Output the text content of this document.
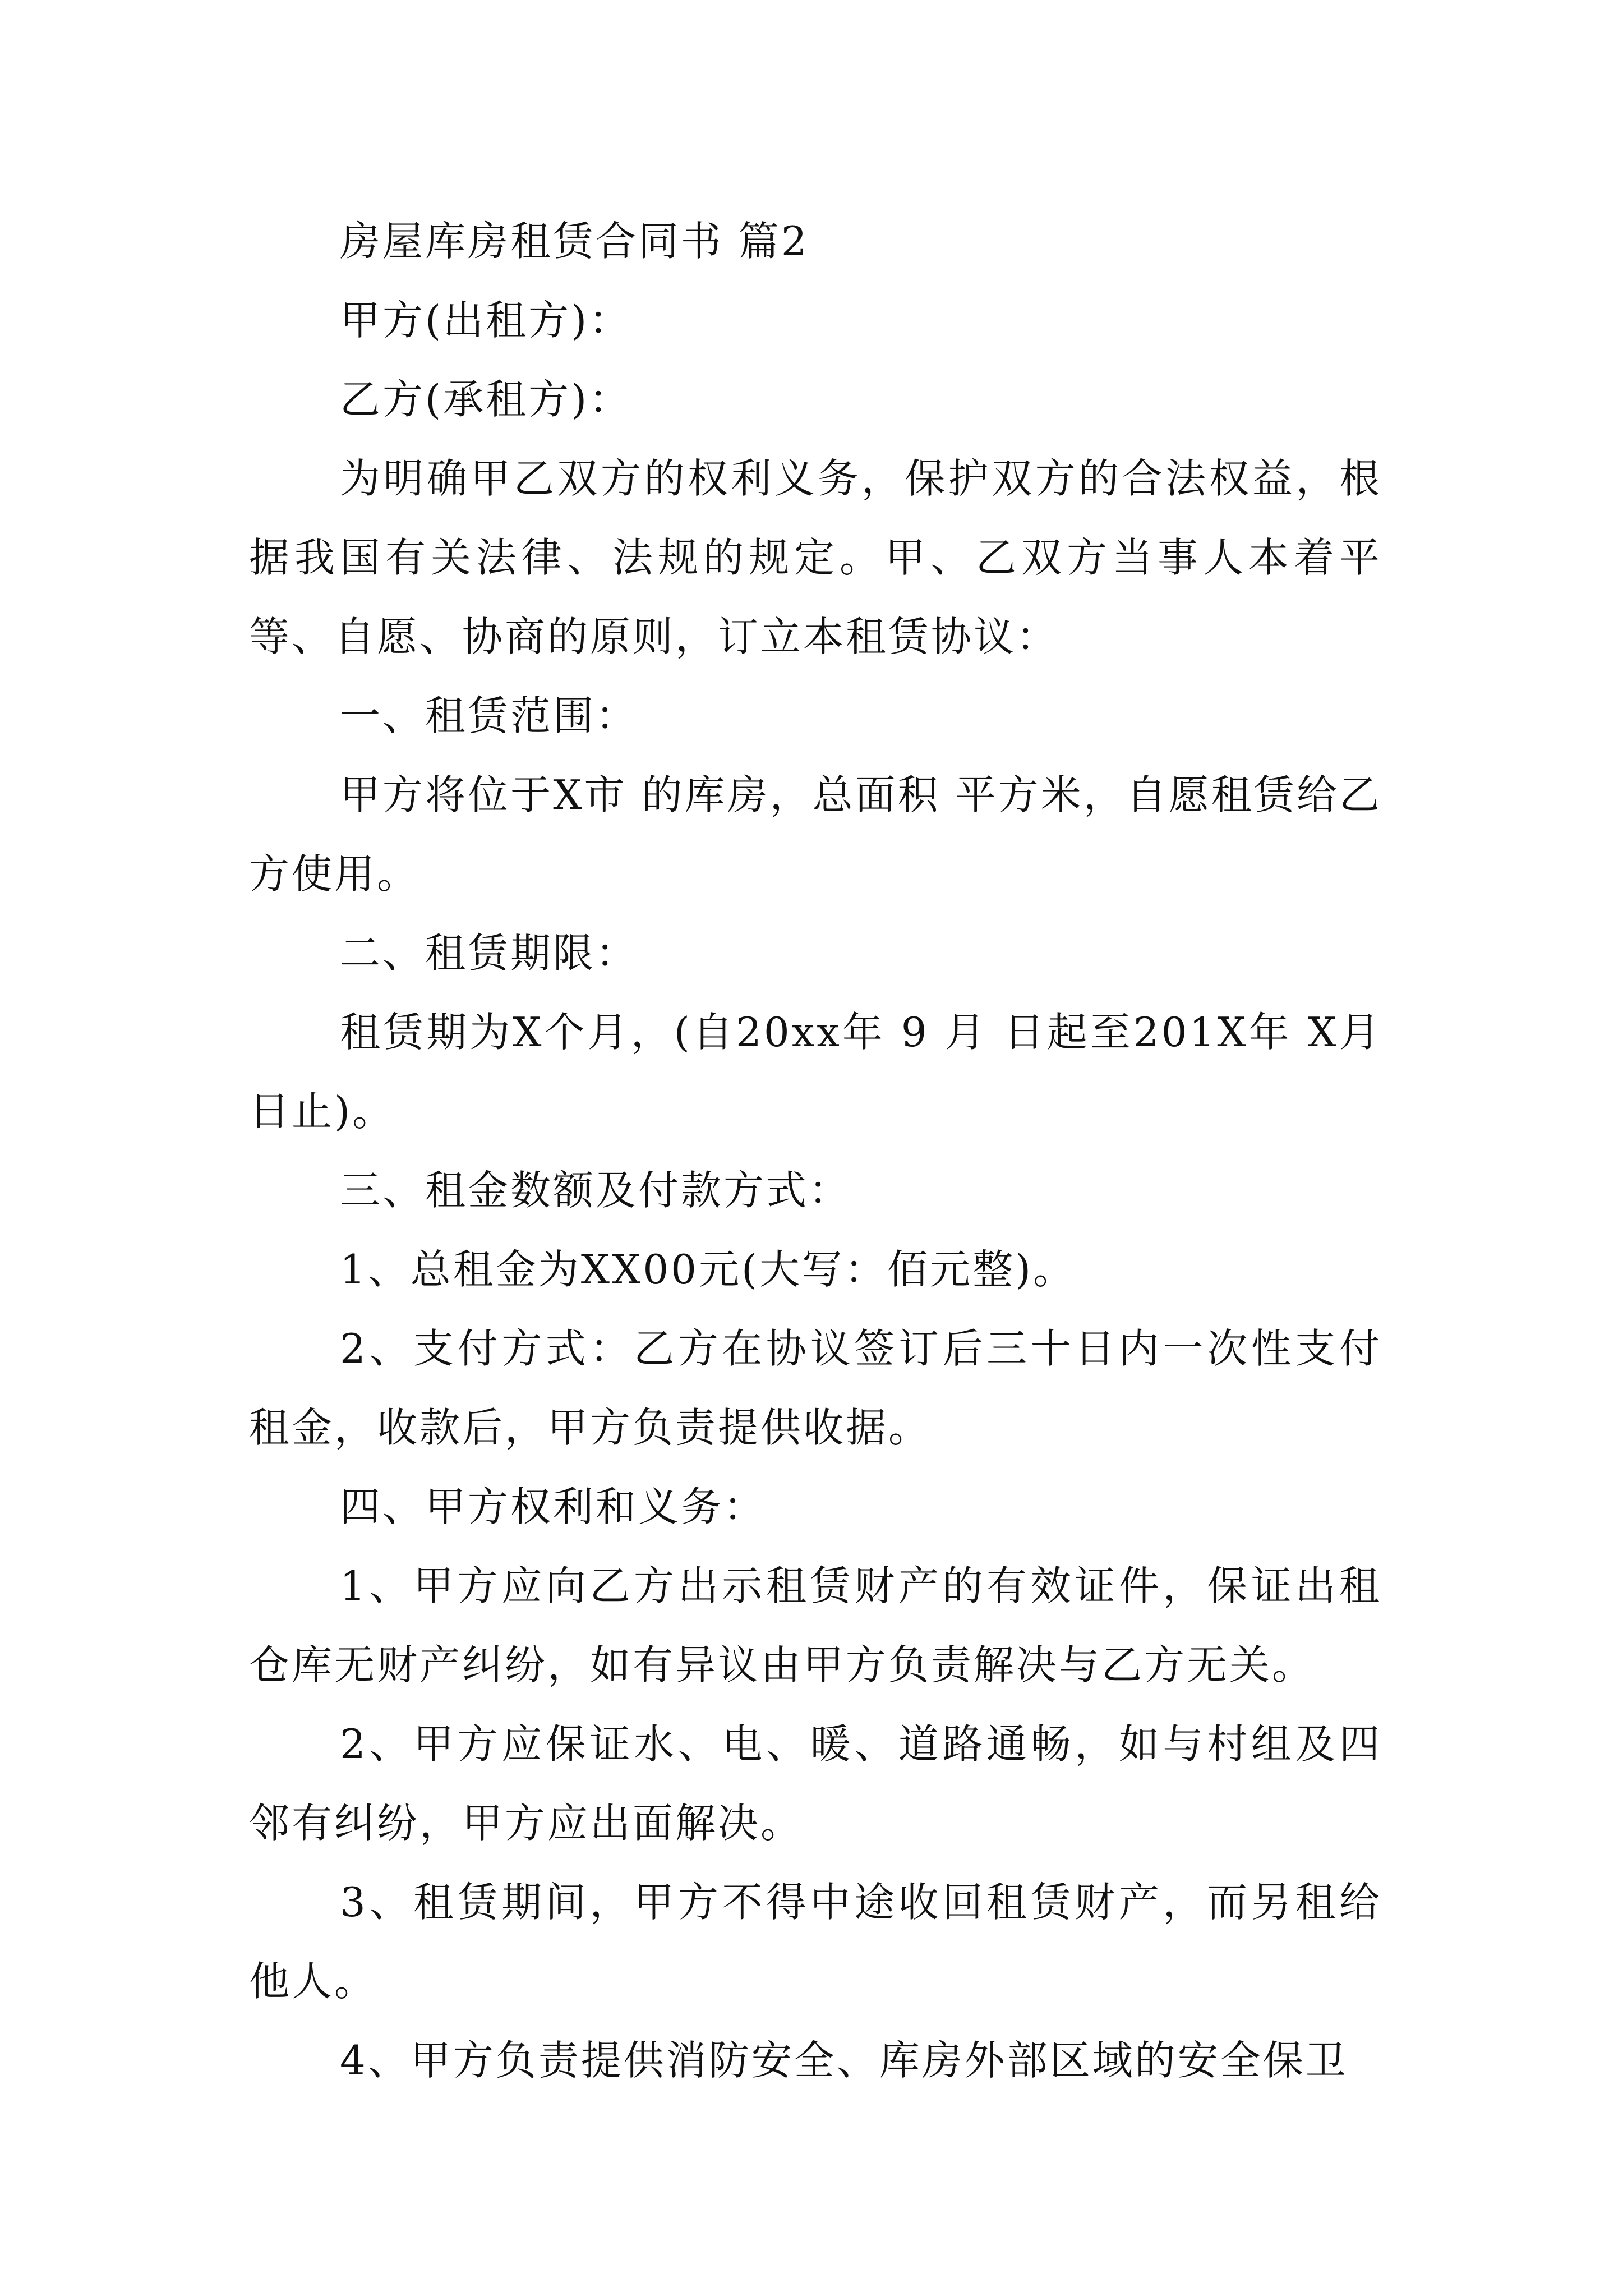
房屋库房租赁合同书 篇2

甲方(出租方)：

乙方(承租方)：

为明确甲乙双方的权利义务，保护双方的合法权益，根据我国有关法律、法规的规定。甲、乙双方当事人本着平等、自愿、协商的原则，订立本租赁协议：

一、租赁范围：

甲方将位于X市 的库房，总面积 平方米，自愿租赁给乙方使用。

二、租赁期限：

租赁期为X个月，(自20xx年 9 月 日起至201X年 X月 日止)。

三、租金数额及付款方式：

1、总租金为XX00元(大写：佰元整)。

2、支付方式：乙方在协议签订后三十日内一次性支付租金，收款后，甲方负责提供收据。

四、甲方权利和义务：

1、甲方应向乙方出示租赁财产的有效证件，保证出租仓库无财产纠纷，如有异议由甲方负责解决与乙方无关。

2、甲方应保证水、电、暖、道路通畅，如与村组及四邻有纠纷，甲方应出面解决。

3、租赁期间，甲方不得中途收回租赁财产，而另租给他人。

4、甲方负责提供消防安全、库房外部区域的安全保卫
